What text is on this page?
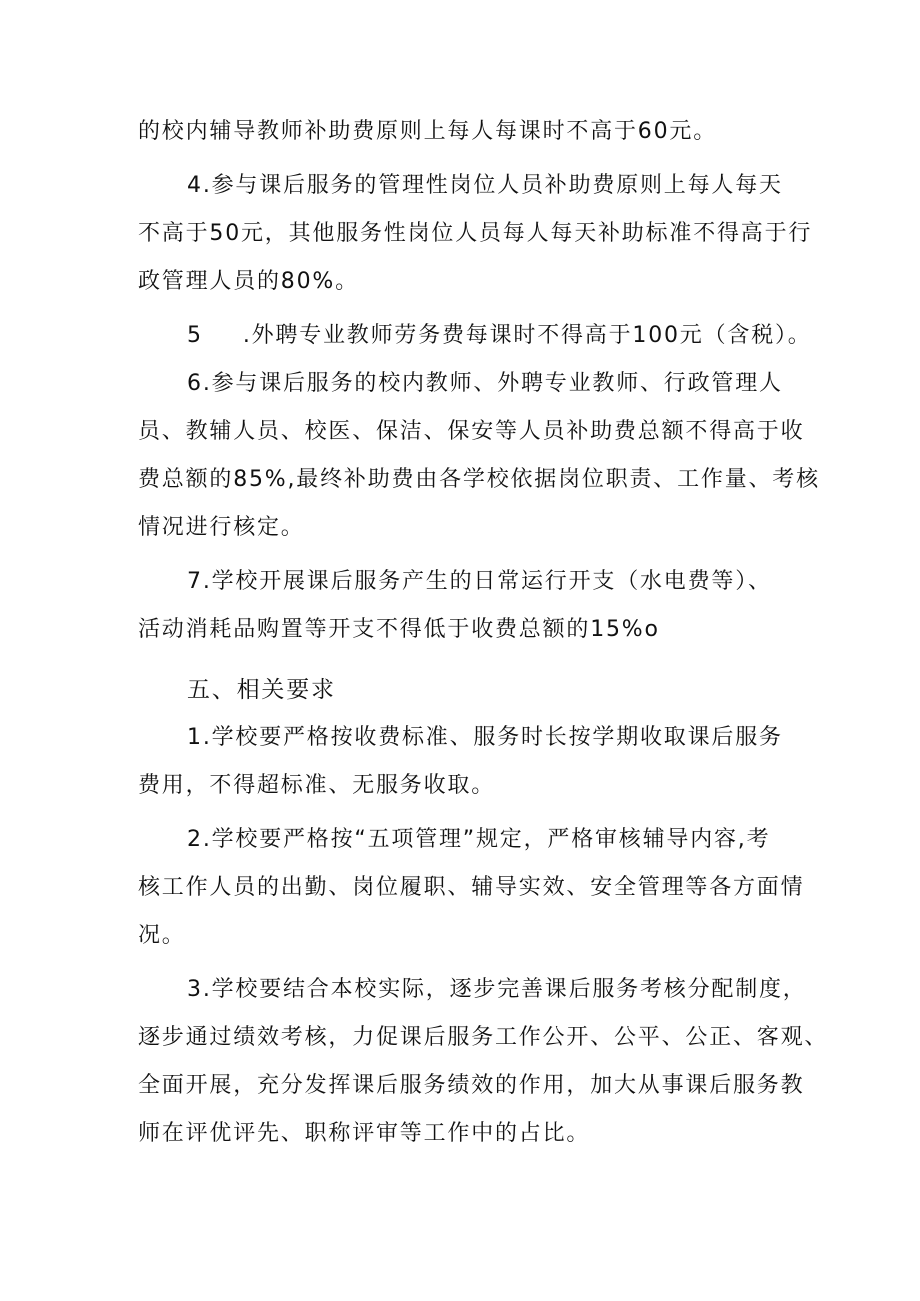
的校内辅导教师补助费原则上每人每课时不高于60元。
4.参与课后服务的管理性岗位人员补助费原则上每人每天
不高于50元，其他服务性岗位人员每人每天补助标准不得高于行
政管理人员的80%。
5 .外聘专业教师劳务费每课时不得高于100元（含税）。
6.参与课后服务的校内教师、外聘专业教师、行政管理人
员、教辅人员、校医、保洁、保安等人员补助费总额不得高于收
费总额的85%,最终补助费由各学校依据岗位职责、工作量、考核
情况进行核定。
7.学校开展课后服务产生的日常运行开支（水电费等）、
活动消耗品购置等开支不得低于收费总额的15%o
五、相关要求
1.学校要严格按收费标准、服务时长按学期收取课后服务
费用，不得超标准、无服务收取。
2.学校要严格按“五项管理”规定，严格审核辅导内容,考
核工作人员的出勤、岗位履职、辅导实效、安全管理等各方面情
况。
3.学校要结合本校实际，逐步完善课后服务考核分配制度，
逐步通过绩效考核，力促课后服务工作公开、公平、公正、客观、
全面开展，充分发挥课后服务绩效的作用，加大从事课后服务教
师在评优评先、职称评审等工作中的占比。
